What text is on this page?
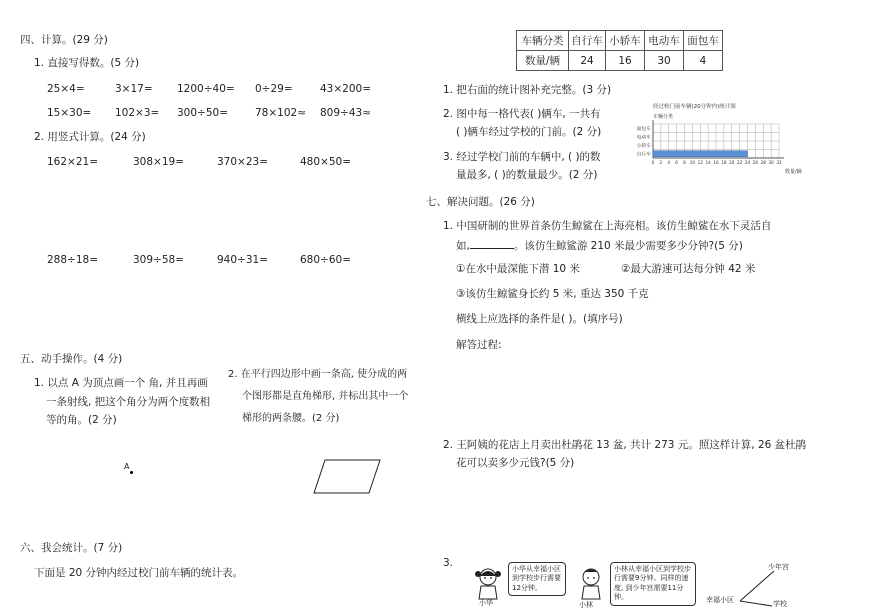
四、计算。(29 分)
1. 直接写得数。(5 分)
25×4=	3×17= 1200÷40= 0÷29=	43×200=
15×30= 102×3= 300÷50=	78×102≈ 809÷43≈
2. 用竖式计算。(24 分)
162×21=	308×19=	370×23=	480×50=
288÷18=	309÷58=	940÷31=	680÷60=
五、动手操作。(4 分)
1. 以点 A 为顶点画一个 角, 并且再画
一条射线, 把这个角分为两个度数相
等的角。(2 分)
2. 在平行四边形中画一条高, 使分成的两
个图形都是直角梯形, 并标出其中一个
梯形的两条腰。(2 分)
A
六、我会统计。(7 分)
下面是 20 分钟内经过校门前车辆的统计表。
车辆分类	自行车	小轿车	电动车	面包车
数量/辆	24	16	30	4
1. 把右面的统计图补充完整。(3 分)
2. 图中每一格代表( )辆车, 一共有
( )辆车经过学校的门前。(2 分)
3. 经过学校门前的车辆中, ( )的数
量最多, ( )的数量最少。(2 分)
经过校门前车辆(20分钟内)统计图
车辆分类
数量/辆
0 2 4 6 8 10 12 14 16 18 20 22 24 26 28 30 32
面包车
电动车
小轿车
自行车
七、解决问题。(26 分)
1. 中国研制的世界首条仿生鲸鲨在上海亮相。该仿生鲸鲨在水下灵活自
如,	。该仿生鲸鲨游 210 米最少需要多少分钟?(5 分)
①在水中最深能下潜 10 米	②最大游速可达每分钟 42 米
③该仿生鲸鲨身长约 5 米, 重达 350 千克
横线上应选择的条件是( )。(填序号)
解答过程:
2. 王阿姨的花店上月卖出杜鹃花 13 盆, 共计 273 元。照这样计算, 26 盆杜鹃
花可以卖多少元钱?(5 分)
3.	小华从幸福小区到学校步行需要12分钟。
小华
小林从幸福小区到学校步行需要9分钟。同样的速度, 到少年宫需要11分钟。
小林
幸福小区
少年宫
学校
